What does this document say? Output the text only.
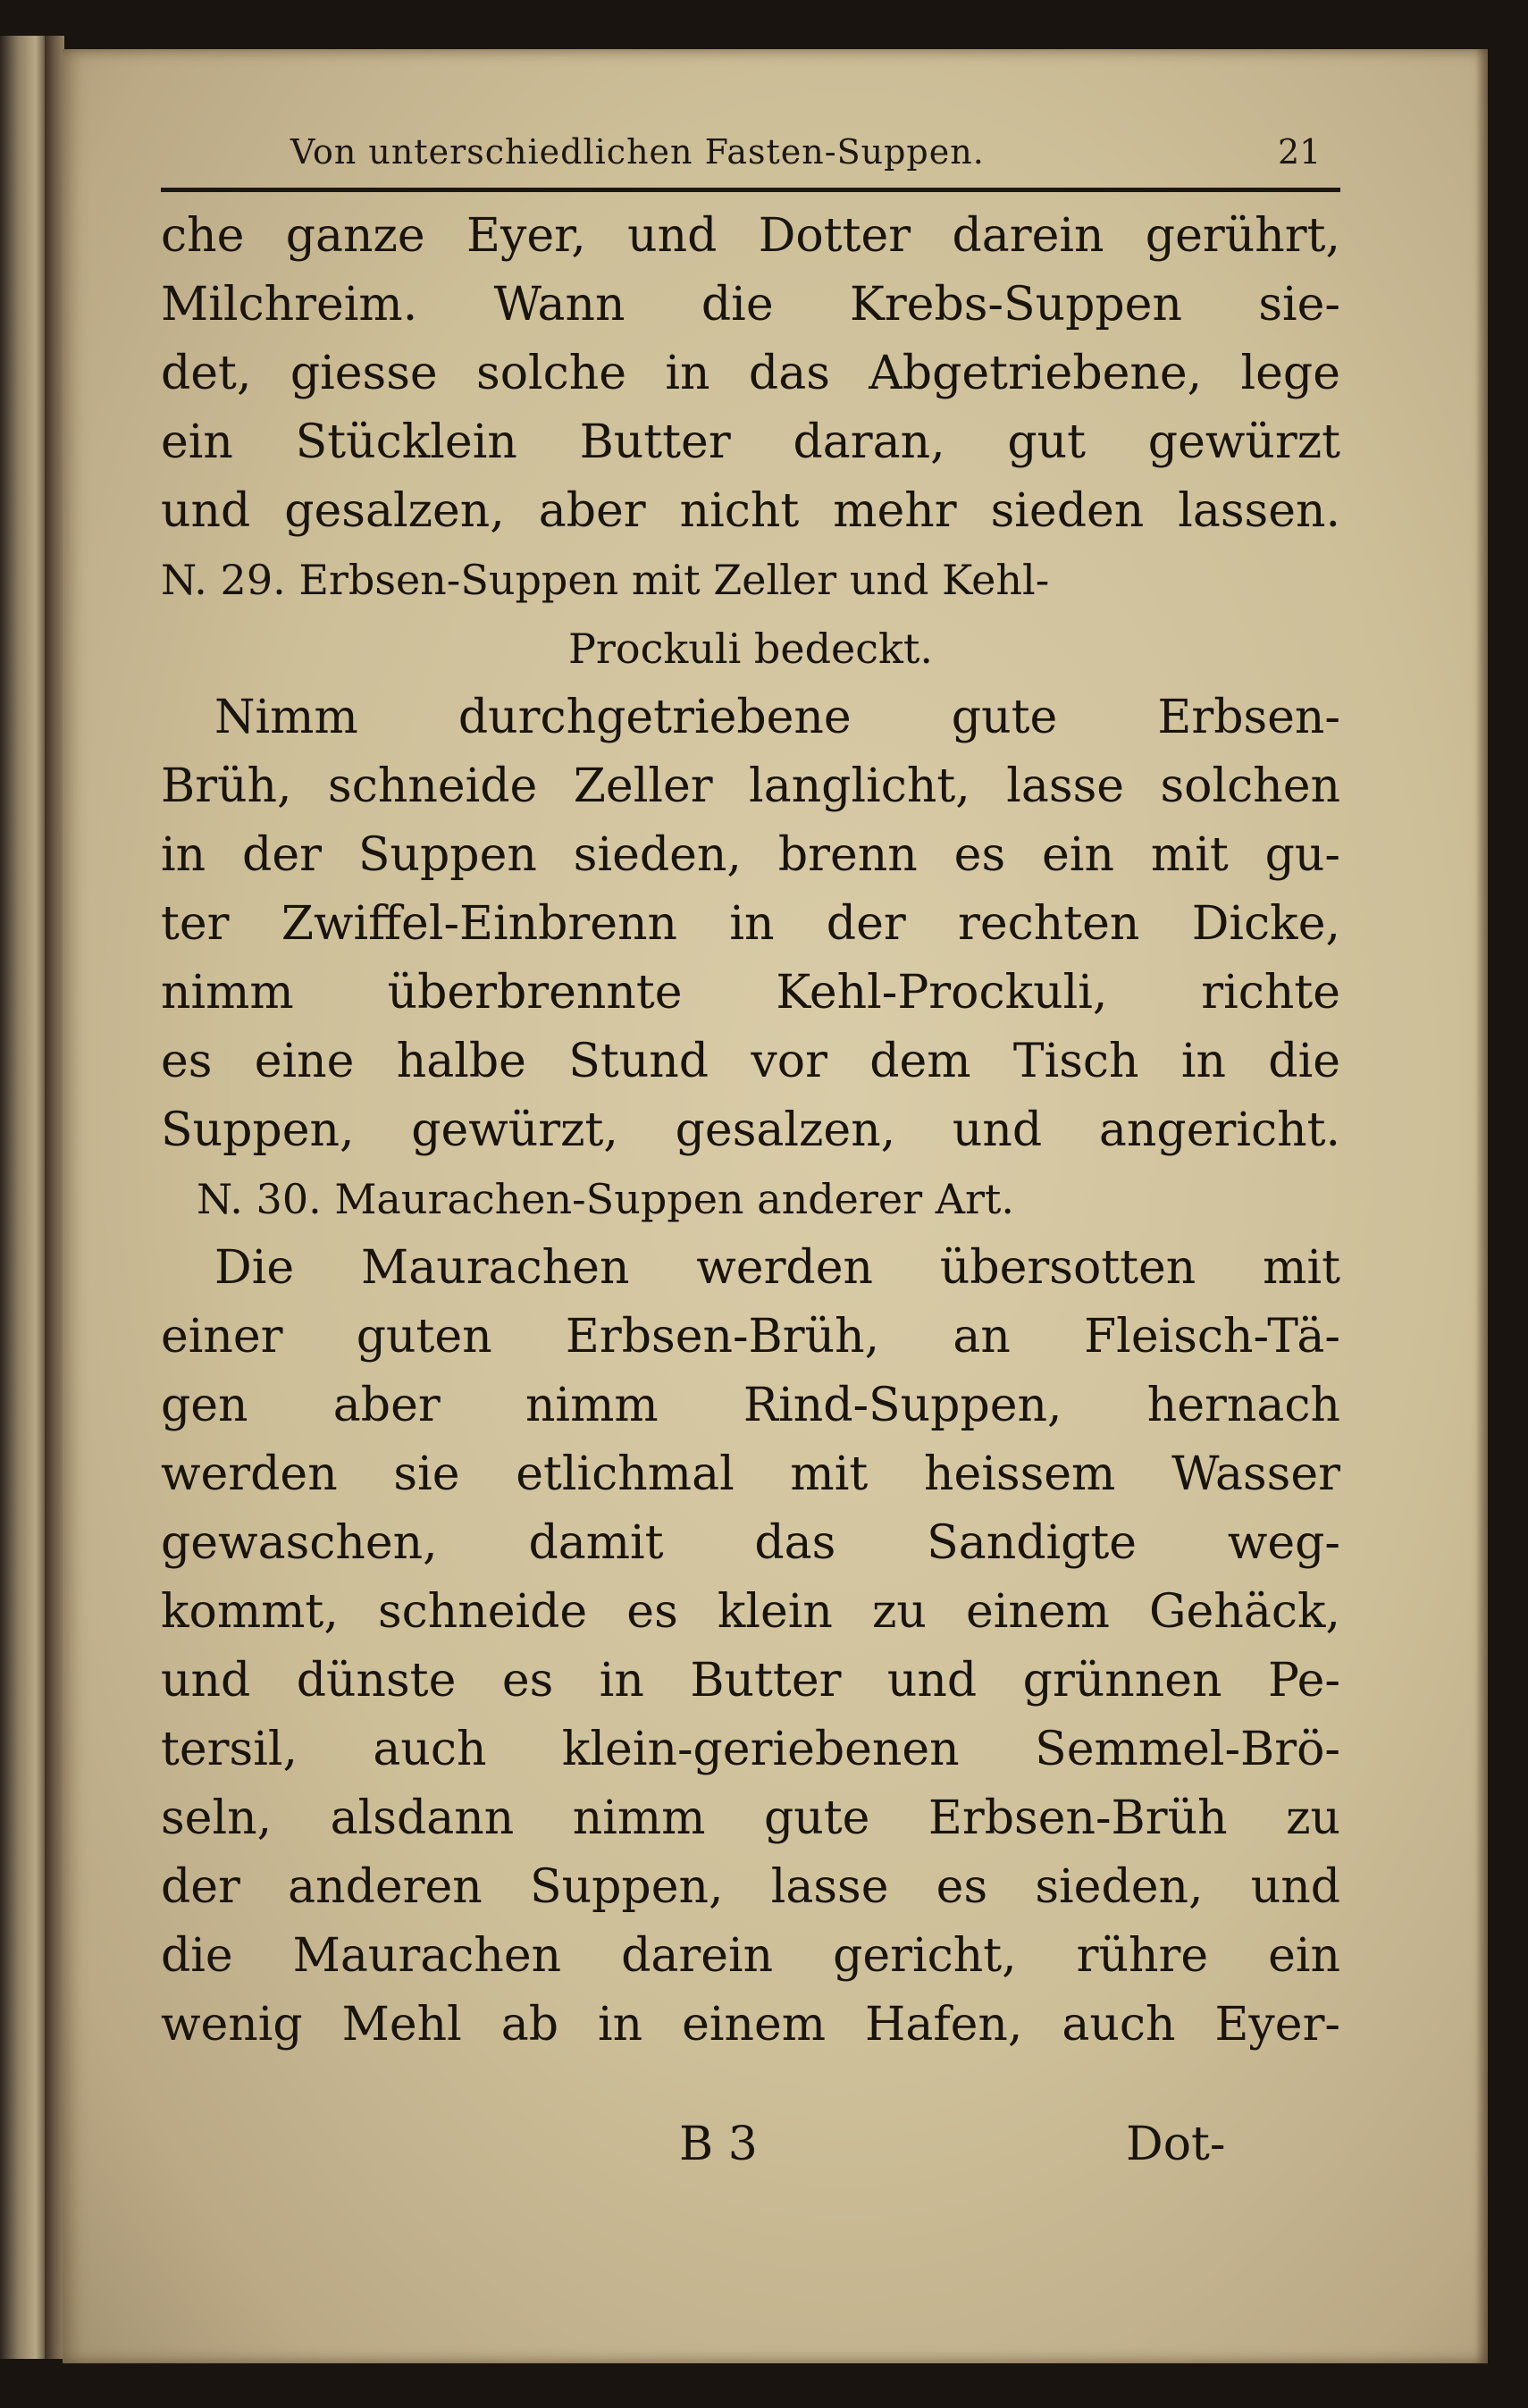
Von unterschiedlichen Fasten-Suppen.	21
che ganze Eyer, und Dotter darein gerührt,
Milchreim. Wann die Krebs-Suppen sie-
det, giesse solche in das Abgetriebene, lege
ein Stücklein Butter daran, gut gewürzt
und gesalzen, aber nicht mehr sieden lassen.
N. 29. Erbsen-Suppen mit Zeller und Kehl-
Prockuli bedeckt.
Nimm durchgetriebene gute Erbsen-
Brüh, schneide Zeller langlicht, lasse solchen
in der Suppen sieden, brenn es ein mit gu-
ter Zwiffel-Einbrenn in der rechten Dicke,
nimm überbrennte Kehl-Prockuli, richte
es eine halbe Stund vor dem Tisch in die
Suppen, gewürzt, gesalzen, und angericht.
N. 30. Maurachen-Suppen anderer Art.
Die Maurachen werden übersotten mit
einer guten Erbsen-Brüh, an Fleisch-Tä-
gen aber nimm Rind-Suppen, hernach
werden sie etlichmal mit heissem Wasser
gewaschen, damit das Sandigte weg-
kommt, schneide es klein zu einem Gehäck,
und dünste es in Butter und grünnen Pe-
tersil, auch klein-geriebenen Semmel-Brö-
seln, alsdann nimm gute Erbsen-Brüh zu
der anderen Suppen, lasse es sieden, und
die Maurachen darein gericht, rühre ein
wenig Mehl ab in einem Hafen, auch Eyer-
B 3	Dot-
